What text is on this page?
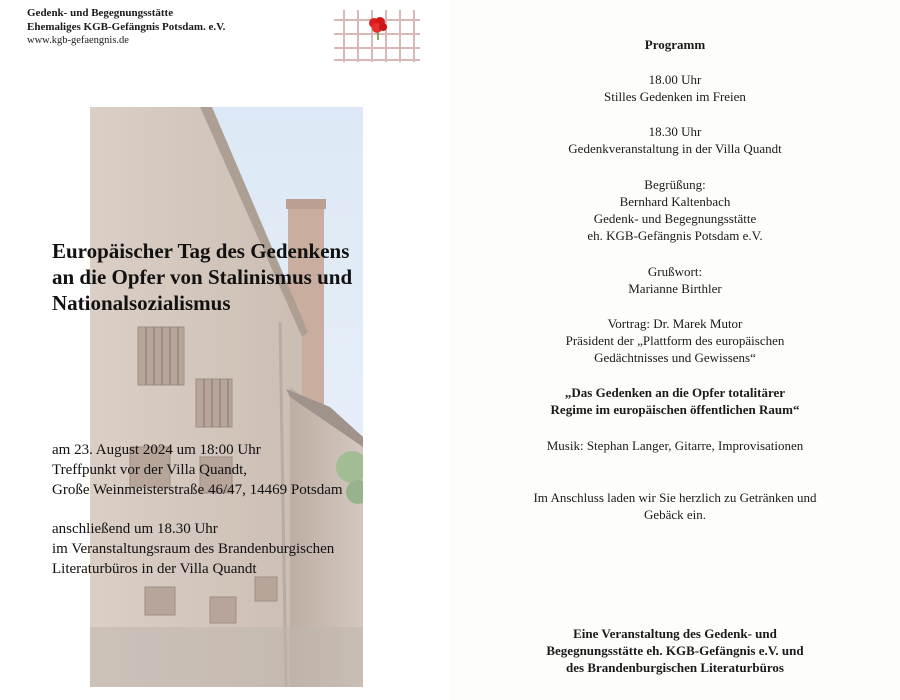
Gedenk- und Begegnungsstätte
Ehemaliges KGB-Gefängnis Potsdam. e.V.
www.kgb-gefaengnis.de
Europäischer Tag des Gedenkens
an die Opfer von Stalinismus und
Nationalsozialismus

am 23. August 2024 um 18:00 Uhr

Treffpunkt vor der Villa Quandt,

Große Weinmeisterstraße 46/47, 14469 Potsdam

anschließend um 18.30 Uhr

im Veranstaltungsraum des Brandenburgischen

Literaturbüros in der Villa Quandt

Programm

18.00 Uhr

Stilles Gedenken im Freien

18.30 Uhr

Gedenkveranstaltung in der Villa Quandt

Begrüßung:

Bernhard Kaltenbach

Gedenk- und Begegnungsstätte

eh. KGB-Gefängnis Potsdam e.V.

Grußwort:

Marianne Birthler

Vortrag: Dr. Marek Mutor

Präsident der „Plattform des europäischen

Gedächtnisses und Gewissens“

„Das Gedenken an die Opfer totalitärer

Regime im europäischen öffentlichen Raum“

Musik: Stephan Langer, Gitarre, Improvisationen

Im Anschluss laden wir Sie herzlich zu Getränken und

Gebäck ein.

Eine Veranstaltung des Gedenk- und

Begegnungsstätte eh. KGB-Gefängnis e.V. und

des Brandenburgischen Literaturbüros
